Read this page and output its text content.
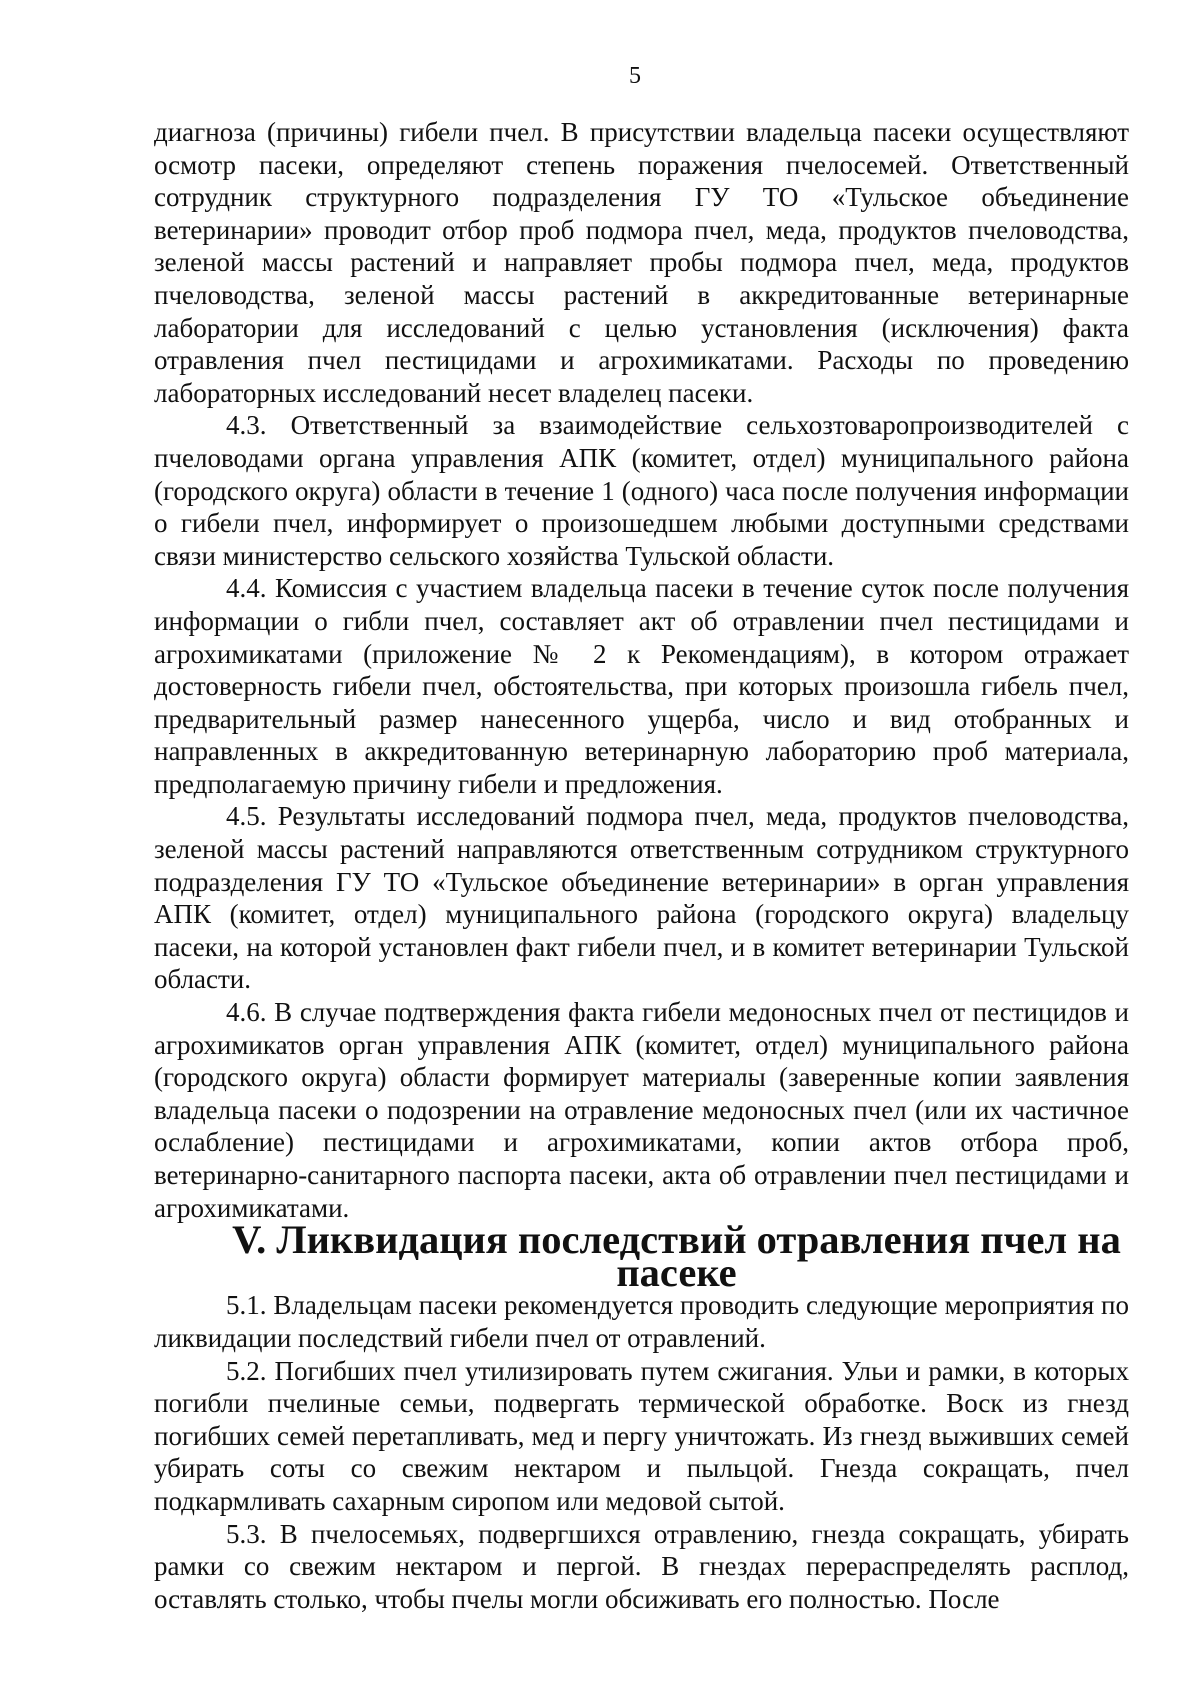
5

диагноза (причины) гибели пчел. В присутствии владельца пасеки осуществляют осмотр пасеки, определяют степень поражения пчелосемей. Ответственный сотрудник структурного подразделения ГУ ТО «Тульское объединение ветеринарии» проводит отбор проб подмора пчел, меда, продуктов пчеловодства, зеленой массы растений и направляет пробы подмора пчел, меда, продуктов пчеловодства, зеленой массы растений в аккредитованные ветеринарные лаборатории для исследований с целью установления (исключения) факта отравления пчел пестицидами и агрохимикатами. Расходы по проведению лабораторных исследований несет владелец пасеки.

4.3. Ответственный за взаимодействие сельхозтоваропроизводителей с пчеловодами органа управления АПК (комитет, отдел) муниципального района (городского округа) области в течение 1 (одного) часа после получения информации о гибели пчел, информирует о произошедшем любыми доступными средствами связи министерство сельского хозяйства Тульской области.

4.4. Комиссия с участием владельца пасеки в течение суток после получения информации о гибли пчел, составляет акт об отравлении пчел пестицидами и агрохимикатами (приложение № 2 к Рекомендациям), в котором отражает достоверность гибели пчел, обстоятельства, при которых произошла гибель пчел, предварительный размер нанесенного ущерба, число и вид отобранных и направленных в аккредитованную ветеринарную лабораторию проб материала, предполагаемую причину гибели и предложения.

4.5. Результаты исследований подмора пчел, меда, продуктов пчеловодства, зеленой массы растений направляются ответственным сотрудником структурного подразделения ГУ ТО «Тульское объединение ветеринарии» в орган управления АПК (комитет, отдел) муниципального района (городского округа) владельцу пасеки, на которой установлен факт гибели пчел, и в комитет ветеринарии Тульской области.

4.6. В случае подтверждения факта гибели медоносных пчел от пестицидов и агрохимикатов орган управления АПК (комитет, отдел) муниципального района (городского округа) области формирует материалы (заверенные копии заявления владельца пасеки о подозрении на отравление медоносных пчел (или их частичное ослабление) пестицидами и агрохимикатами, копии актов отбора проб, ветеринарно-санитарного паспорта пасеки, акта об отравлении пчел пестицидами и агрохимикатами.

V. Ликвидация последствий отравления пчел на пасеке

5.1. Владельцам пасеки рекомендуется проводить следующие мероприятия по ликвидации последствий гибели пчел от отравлений.

5.2. Погибших пчел утилизировать путем сжигания. Ульи и рамки, в которых погибли пчелиные семьи, подвергать термической обработке. Воск из гнезд погибших семей перетапливать, мед и пергу уничтожать. Из гнезд выживших семей убирать соты со свежим нектаром и пыльцой. Гнезда сокращать, пчел подкармливать сахарным сиропом или медовой сытой.

5.3. В пчелосемьях, подвергшихся отравлению, гнезда сокращать, убирать рамки со свежим нектаром и пергой. В гнездах перераспределять расплод, оставлять столько, чтобы пчелы могли обсиживать его полностью. После
